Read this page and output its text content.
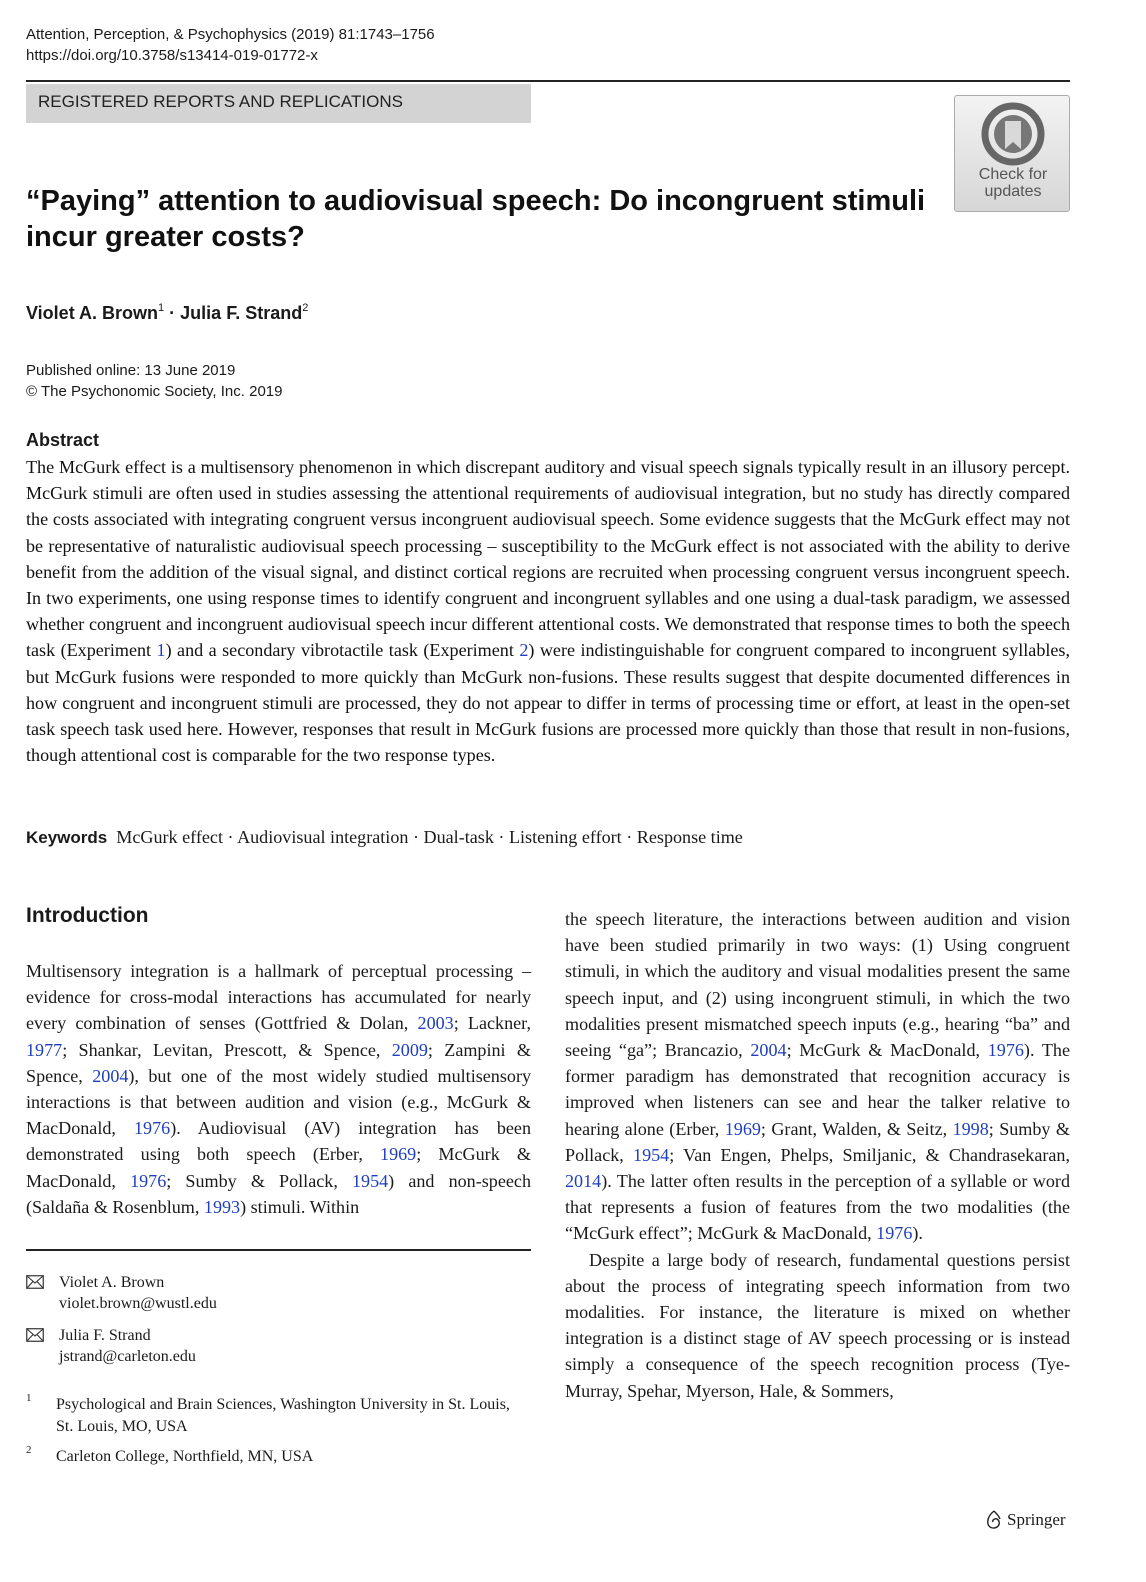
Attention, Perception, & Psychophysics (2019) 81:1743–1756
https://doi.org/10.3758/s13414-019-01772-x
REGISTERED REPORTS AND REPLICATIONS
Check for
updates
“Paying” attention to audiovisual speech: Do incongruent stimuli incur greater costs?
Violet A. Brown$^1$ · Julia F. Strand$^2$
Published online: 13 June 2019
© The Psychonomic Society, Inc. 2019
Abstract
The McGurk effect is a multisensory phenomenon in which discrepant auditory and visual speech signals typically result in an illusory percept. McGurk stimuli are often used in studies assessing the attentional requirements of audiovisual integration, but no study has directly compared the costs associated with integrating congruent versus incongruent audiovisual speech. Some evidence suggests that the McGurk effect may not be representative of naturalistic audiovisual speech processing – susceptibility to the McGurk effect is not associated with the ability to derive benefit from the addition of the visual signal, and distinct cortical regions are recruited when processing congruent versus incongruent speech. In two experiments, one using response times to identify congruent and incongruent syllables and one using a dual-task paradigm, we assessed whether congruent and incongruent audiovisual speech incur different attentional costs. We demonstrated that response times to both the speech task (Experiment 1) and a secondary vibrotactile task (Experiment 2) were indistinguishable for congruent compared to incongruent syllables, but McGurk fusions were responded to more quickly than McGurk non-fusions. These results suggest that despite documented differences in how congruent and incongruent stimuli are processed, they do not appear to differ in terms of processing time or effort, at least in the open-set task speech task used here. However, responses that result in McGurk fusions are processed more quickly than those that result in non-fusions, though attentional cost is comparable for the two response types.
Keywords McGurk effect · Audiovisual integration · Dual-task · Listening effort · Response time
Introduction

Multisensory integration is a hallmark of perceptual processing – evidence for cross-modal interactions has accumulated for nearly every combination of senses (Gottfried & Dolan, 2003; Lackner, 1977; Shankar, Levitan, Prescott, & Spence, 2009; Zampini & Spence, 2004), but one of the most widely studied multisensory interactions is that between audition and vision (e.g., McGurk & MacDonald, 1976). Audiovisual (AV) integration has been demonstrated using both speech (Erber, 1969; McGurk & MacDonald, 1976; Sumby & Pollack, 1954) and non-speech (Saldaña & Rosenblum, 1993) stimuli. Within

the speech literature, the interactions between audition and vision have been studied primarily in two ways: (1) Using congruent stimuli, in which the auditory and visual modalities present the same speech input, and (2) using incongruent stimuli, in which the two modalities present mismatched speech inputs (e.g., hearing “ba” and seeing “ga”; Brancazio, 2004; McGurk & MacDonald, 1976). The former paradigm has demonstrated that recognition accuracy is improved when listeners can see and hear the talker relative to hearing alone (Erber, 1969; Grant, Walden, & Seitz, 1998; Sumby & Pollack, 1954; Van Engen, Phelps, Smiljanic, & Chandrasekaran, 2014). The latter often results in the perception of a syllable or word that represents a fusion of features from the two modalities (the “McGurk effect”; McGurk & MacDonald, 1976).

Despite a large body of research, fundamental questions persist about the process of integrating speech information from two modalities. For instance, the literature is mixed on whether integration is a distinct stage of AV speech processing or is instead simply a consequence of the speech recognition process (Tye-Murray, Spehar, Myerson, Hale, & Sommers,

Violet A. Brown
violet.brown@wustl.edu
Julia F. Strand
jstrand@carleton.edu
1 Psychological and Brain Sciences, Washington University in St. Louis, St. Louis, MO, USA
2 Carleton College, Northfield, MN, USA
Springer
